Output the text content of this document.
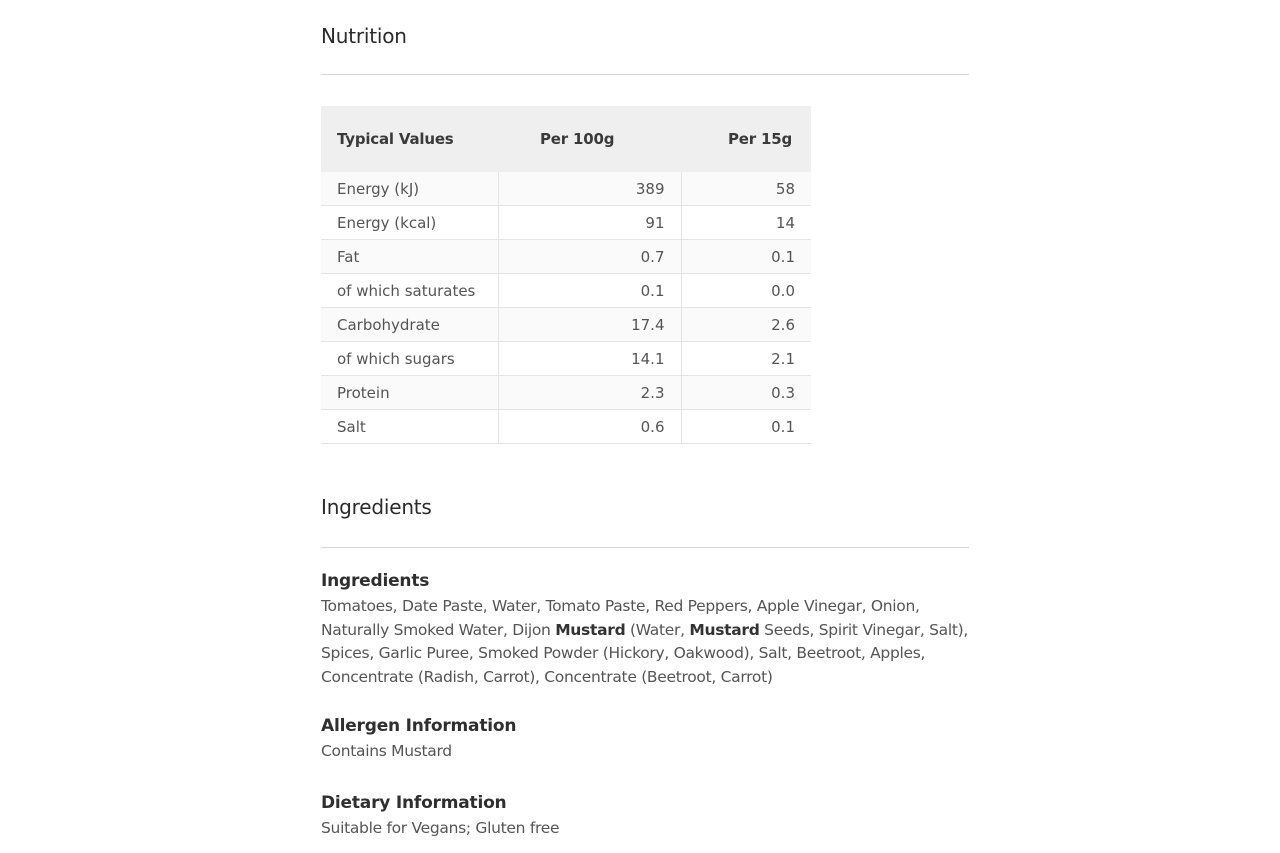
Nutrition
Typical Values	Per 100g	Per 15g
Energy (kJ)	389	58
Energy (kcal)	91	14
Fat	0.7	0.1
of which saturates	0.1	0.0
Carbohydrate	17.4	2.6
of which sugars	14.1	2.1
Protein	2.3	0.3
Salt	0.6	0.1
Ingredients
Ingredients

Tomatoes, Date Paste, Water, Tomato Paste, Red Peppers, Apple Vinegar, Onion, Naturally Smoked Water, Dijon Mustard (Water, Mustard Seeds, Spirit Vinegar, Salt), Spices, Garlic Puree, Smoked Powder (Hickory, Oakwood), Salt, Beetroot, Apples, Concentrate (Radish, Carrot), Concentrate (Beetroot, Carrot)

Allergen Information

Contains Mustard

Dietary Information

Suitable for Vegans; Gluten free
